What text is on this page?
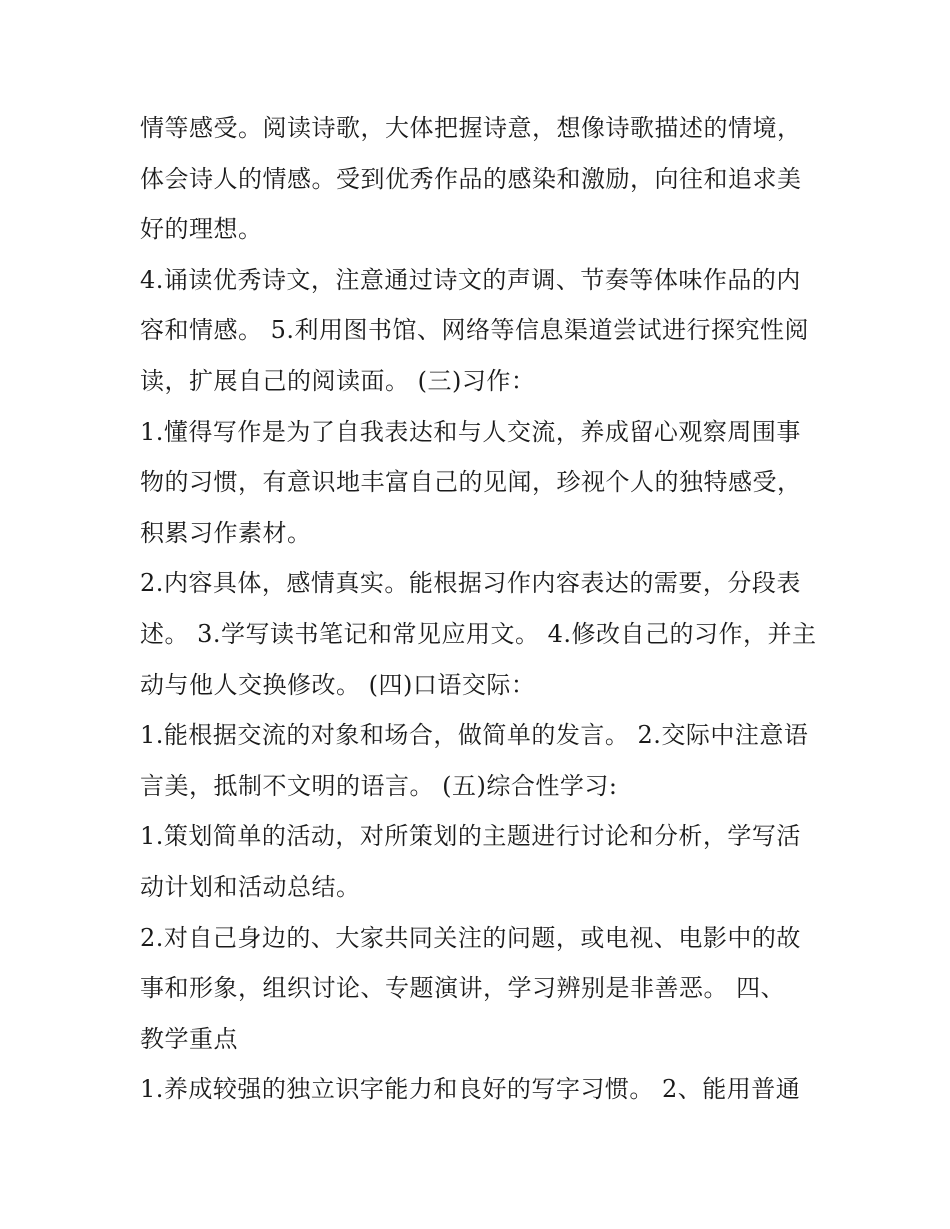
情等感受。阅读诗歌，大体把握诗意，想像诗歌描述的情境，
体会诗人的情感。受到优秀作品的感染和激励，向往和追求美
好的理想。
4.诵读优秀诗文，注意通过诗文的声调、节奏等体味作品的内
容和情感。 5.利用图书馆、网络等信息渠道尝试进行探究性阅
读，扩展自己的阅读面。 (三)习作：
1.懂得写作是为了自我表达和与人交流，养成留心观察周围事
物的习惯，有意识地丰富自己的见闻，珍视个人的独特感受，
积累习作素材。
2.内容具体，感情真实。能根据习作内容表达的需要，分段表
述。 3.学写读书笔记和常见应用文。 4.修改自己的习作，并主
动与他人交换修改。 (四)口语交际：
1.能根据交流的对象和场合，做简单的发言。 2.交际中注意语
言美，抵制不文明的语言。 (五)综合性学习:
1.策划简单的活动，对所策划的主题进行讨论和分析，学写活
动计划和活动总结。
2.对自己身边的、大家共同关注的问题，或电视、电影中的故
事和形象，组织讨论、专题演讲，学习辨别是非善恶。 四、
教学重点
1.养成较强的独立识字能力和良好的写字习惯。 2、能用普通
